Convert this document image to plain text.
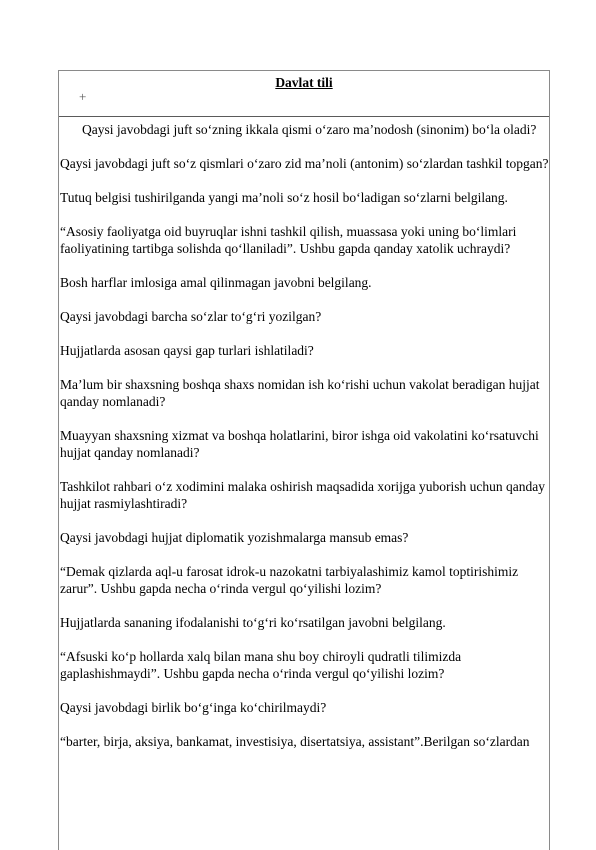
Davlat tili
+

Qaysi javobdagi juft so‘zning ikkala qismi o‘zaro ma’nodosh (sinonim) bo‘la oladi?

Qaysi javobdagi juft so‘z qismlari o‘zaro zid ma’noli (antonim) so‘zlardan tashkil topgan?

Tutuq belgisi tushirilganda yangi ma’noli so‘z hosil bo‘ladigan so‘zlarni belgilang.

“Asosiy faoliyatga oid buyruqlar ishni tashkil qilish, muassasa yoki uning bo‘limlari faoliyatining tartibga solishda qo‘llaniladi”. Ushbu gapda qanday xatolik uchraydi?

Bosh harflar imlosiga amal qilinmagan javobni belgilang.

Qaysi javobdagi barcha so‘zlar to‘g‘ri yozilgan?

Hujjatlarda asosan qaysi gap turlari ishlatiladi?

Ma’lum bir shaxsning boshqa shaxs nomidan ish ko‘rishi uchun vakolat beradigan hujjat qanday nomlanadi?

Muayyan shaxsning xizmat va boshqa holatlarini, biror ishga oid vakolatini ko‘rsatuvchi hujjat qanday nomlanadi?

Tashkilot rahbari o‘z xodimini malaka oshirish maqsadida xorijga yuborish uchun qanday hujjat rasmiylashtiradi?

Qaysi javobdagi hujjat diplomatik yozishmalarga mansub emas?

“Demak qizlarda aql-u farosat idrok-u nazokatni tarbiyalashimiz kamol toptirishimiz zarur”. Ushbu gapda necha o‘rinda vergul qo‘yilishi lozim?

Hujjatlarda sananing ifodalanishi to‘g‘ri ko‘rsatilgan javobni belgilang.

“Afsuski ko‘p hollarda xalq bilan mana shu boy chiroyli qudratli tilimizda gaplashishmaydi”. Ushbu gapda necha o‘rinda vergul qo‘yilishi lozim?

Qaysi javobdagi birlik bo‘g‘inga ko‘chirilmaydi?

“barter, birja, aksiya, bankamat, investisiya, disertatsiya, assistant”.Berilgan so‘zlardan
